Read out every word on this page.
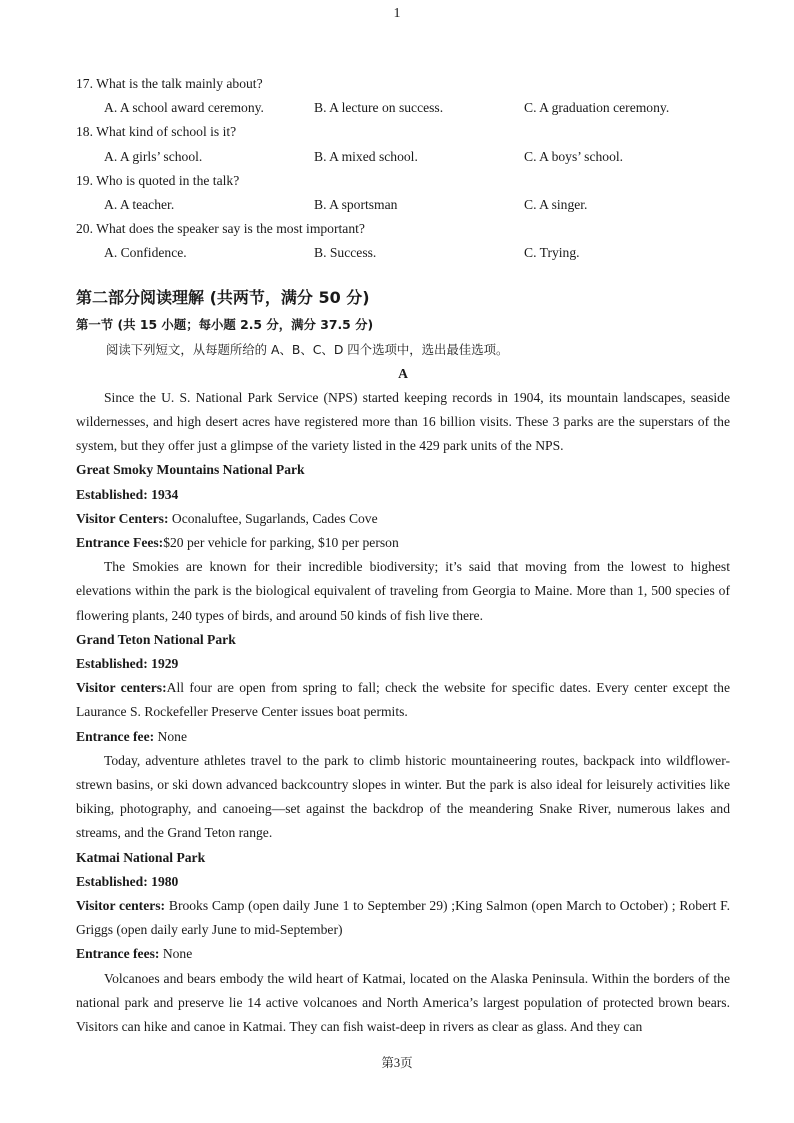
1
17. What is the talk mainly about?
A. A school award ceremony.	B. A lecture on success.	C. A graduation ceremony.
18. What kind of school is it?
A. A girls’ school.	B. A mixed school.	C. A boys’ school.
19. Who is quoted in the talk?
A. A teacher.	B. A sportsman	C. A singer.
20. What does the speaker say is the most important?
A. Confidence.	B. Success.	C. Trying.
第二部分阅读理解 (共两节，满分 50 分)
第一节 (共 15 小题；每小题 2.5 分，满分 37.5 分)
阅读下列短文，从每题所给的 A、B、C、D 四个选项中，选出最佳选项。
A

Since the U. S. National Park Service (NPS) started keeping records in 1904, its mountain landscapes, seaside wildernesses, and high desert acres have registered more than 16 billion visits. These 3 parks are the superstars of the system, but they offer just a glimpse of the variety listed in the 429 park units of the NPS.

Great Smoky Mountains National Park
Established: 1934
Visitor Centers: Oconaluftee, Sugarlands, Cades Cove
Entrance Fees:$20 per vehicle for parking, $10 per person

The Smokies are known for their incredible biodiversity; it’s said that moving from the lowest to highest elevations within the park is the biological equivalent of traveling from Georgia to Maine. More than 1, 500 species of flowering plants, 240 types of birds, and around 50 kinds of fish live there.

Grand Teton National Park
Established: 1929
Visitor centers:All four are open from spring to fall; check the website for specific dates. Every center except the Laurance S. Rockefeller Preserve Center issues boat permits.
Entrance fee: None

Today, adventure athletes travel to the park to climb historic mountaineering routes, backpack into wildflower-strewn basins, or ski down advanced backcountry slopes in winter. But the park is also ideal for leisurely activities like biking, photography, and canoeing—set against the backdrop of the meandering Snake River, numerous lakes and streams, and the Grand Teton range.

Katmai National Park
Established: 1980
Visitor centers: Brooks Camp (open daily June 1 to September 29) ;King Salmon (open March to October) ; Robert F. Griggs (open daily early June to mid-September)
Entrance fees: None

Volcanoes and bears embody the wild heart of Katmai, located on the Alaska Peninsula. Within the borders of the national park and preserve lie 14 active volcanoes and North America’s largest population of protected brown bears. Visitors can hike and canoe in Katmai. They can fish waist-deep in rivers as clear as glass. And they can

第3页
